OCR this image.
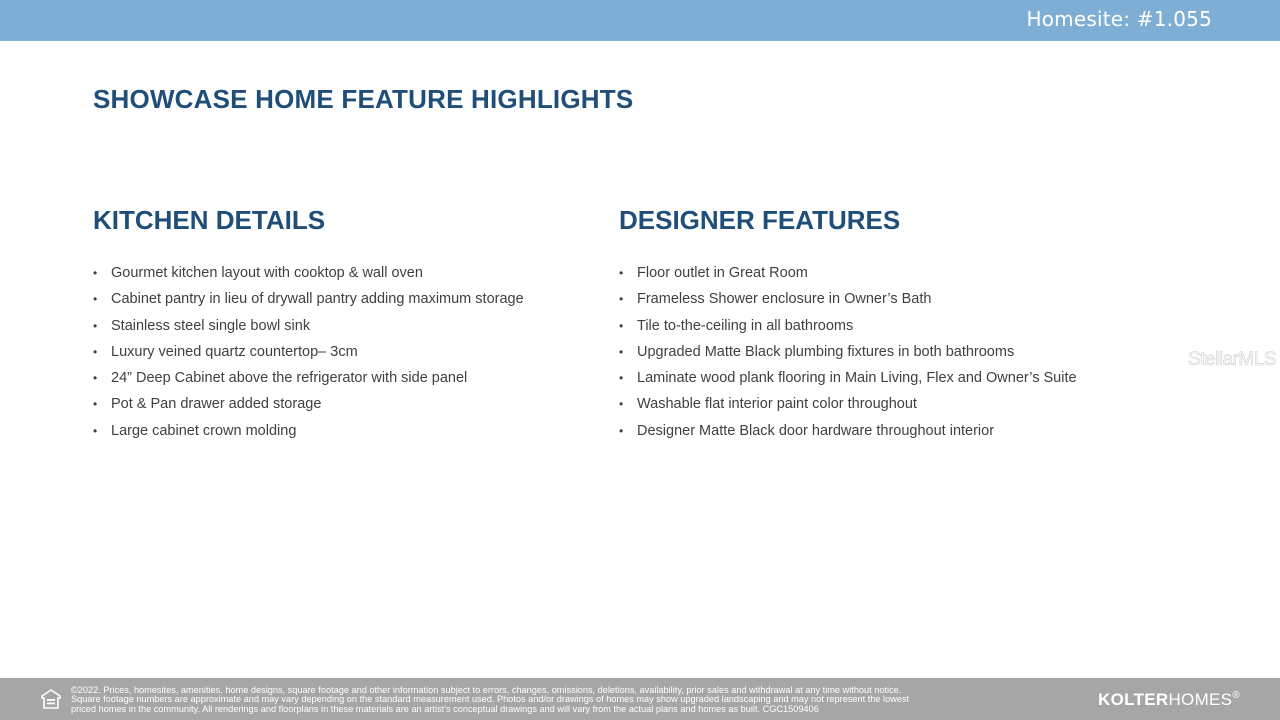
Homesite: #1.055
SHOWCASE HOME FEATURE HIGHLIGHTS
KITCHEN DETAILS
• Gourmet kitchen layout with cooktop & wall oven
• Cabinet pantry in lieu of drywall pantry adding maximum storage
• Stainless steel single bowl sink
• Luxury veined quartz countertop– 3cm
• 24” Deep Cabinet above the refrigerator with side panel
• Pot & Pan drawer added storage
• Large cabinet crown molding
DESIGNER FEATURES
• Floor outlet in Great Room
• Frameless Shower enclosure in Owner’s Bath
• Tile to-the-ceiling in all bathrooms
• Upgraded Matte Black plumbing fixtures in both bathrooms
• Laminate wood plank flooring in Main Living, Flex and Owner’s Suite
• Washable flat interior paint color throughout
• Designer Matte Black door hardware throughout interior
StellarMLS
©2022. Prices, homesites, amenities, home designs, square footage and other information subject to errors, changes, omissions, deletions, availability, prior sales and withdrawal at any time without notice.
Square footage numbers are approximate and may vary depending on the standard measurement used. Photos and/or drawings of homes may show upgraded landscaping and may not represent the lowest
priced homes in the community. All renderings and floorplans in these materials are an artist’s conceptual drawings and will vary from the actual plans and homes as built. CGC1509406	KOLTERHOMES®
